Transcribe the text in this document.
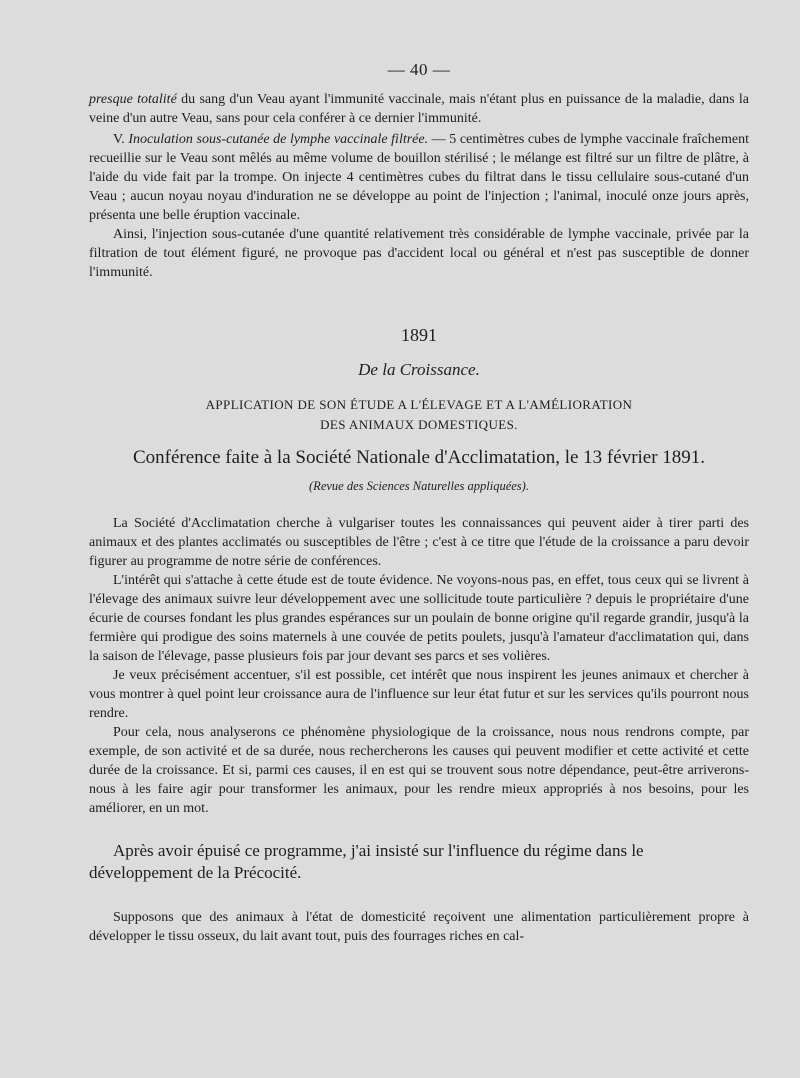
— 40 —

presque totalité du sang d'un Veau ayant l'immunité vaccinale, mais n'étant plus en puissance de la maladie, dans la veine d'un autre Veau, sans pour cela conférer à ce dernier l'immunité.

V. Inoculation sous-cutanée de lymphe vaccinale filtrée. — 5 centimètres cubes de lymphe vaccinale fraîchement recueillie sur le Veau sont mêlés au même volume de bouillon stérilisé ; le mélange est filtré sur un filtre de plâtre, à l'aide du vide fait par la trompe. On injecte 4 centimètres cubes du filtrat dans le tissu cellulaire sous-cutané d'un Veau ; aucun noyau noyau d'induration ne se développe au point de l'injection ; l'animal, inoculé onze jours après, présenta une belle éruption vaccinale.

Ainsi, l'injection sous-cutanée d'une quantité relativement très considérable de lymphe vaccinale, privée par la filtration de tout élément figuré, ne provoque pas d'accident local ou général et n'est pas susceptible de donner l'immunité.

1891
De la Croissance.
APPLICATION DE SON ÉTUDE A L'ÉLEVAGE ET A L'AMÉLIORATION
DES ANIMAUX DOMESTIQUES.
Conférence faite à la Société Nationale d'Acclimatation, le 13 février 1891.
(Revue des Sciences Naturelles appliquées).

La Société d'Acclimatation cherche à vulgariser toutes les connaissances qui peuvent aider à tirer parti des animaux et des plantes acclimatés ou susceptibles de l'être ; c'est à ce titre que l'étude de la croissance a paru devoir figurer au programme de notre série de conférences.

L'intérêt qui s'attache à cette étude est de toute évidence. Ne voyons-nous pas, en effet, tous ceux qui se livrent à l'élevage des animaux suivre leur développement avec une sollicitude toute particulière ? depuis le propriétaire d'une écurie de courses fondant les plus grandes espérances sur un poulain de bonne origine qu'il regarde grandir, jusqu'à la fermière qui prodigue des soins maternels à une couvée de petits poulets, jusqu'à l'amateur d'acclimatation qui, dans la saison de l'élevage, passe plusieurs fois par jour devant ses parcs et ses volières.

Je veux précisément accentuer, s'il est possible, cet intérêt que nous inspirent les jeunes animaux et chercher à vous montrer à quel point leur croissance aura de l'influence sur leur état futur et sur les services qu'ils pourront nous rendre.

Pour cela, nous analyserons ce phénomène physiologique de la croissance, nous nous rendrons compte, par exemple, de son activité et de sa durée, nous rechercherons les causes qui peuvent modifier et cette activité et cette durée de la croissance. Et si, parmi ces causes, il en est qui se trouvent sous notre dépendance, peut-être arriverons-nous à les faire agir pour transformer les animaux, pour les rendre mieux appropriés à nos besoins, pour les améliorer, en un mot.

Après avoir épuisé ce programme, j'ai insisté sur l'influence du régime dans le développement de la Précocité.

Supposons que des animaux à l'état de domesticité reçoivent une alimentation particulièrement propre à développer le tissu osseux, du lait avant tout, puis des fourrages riches en cal-
